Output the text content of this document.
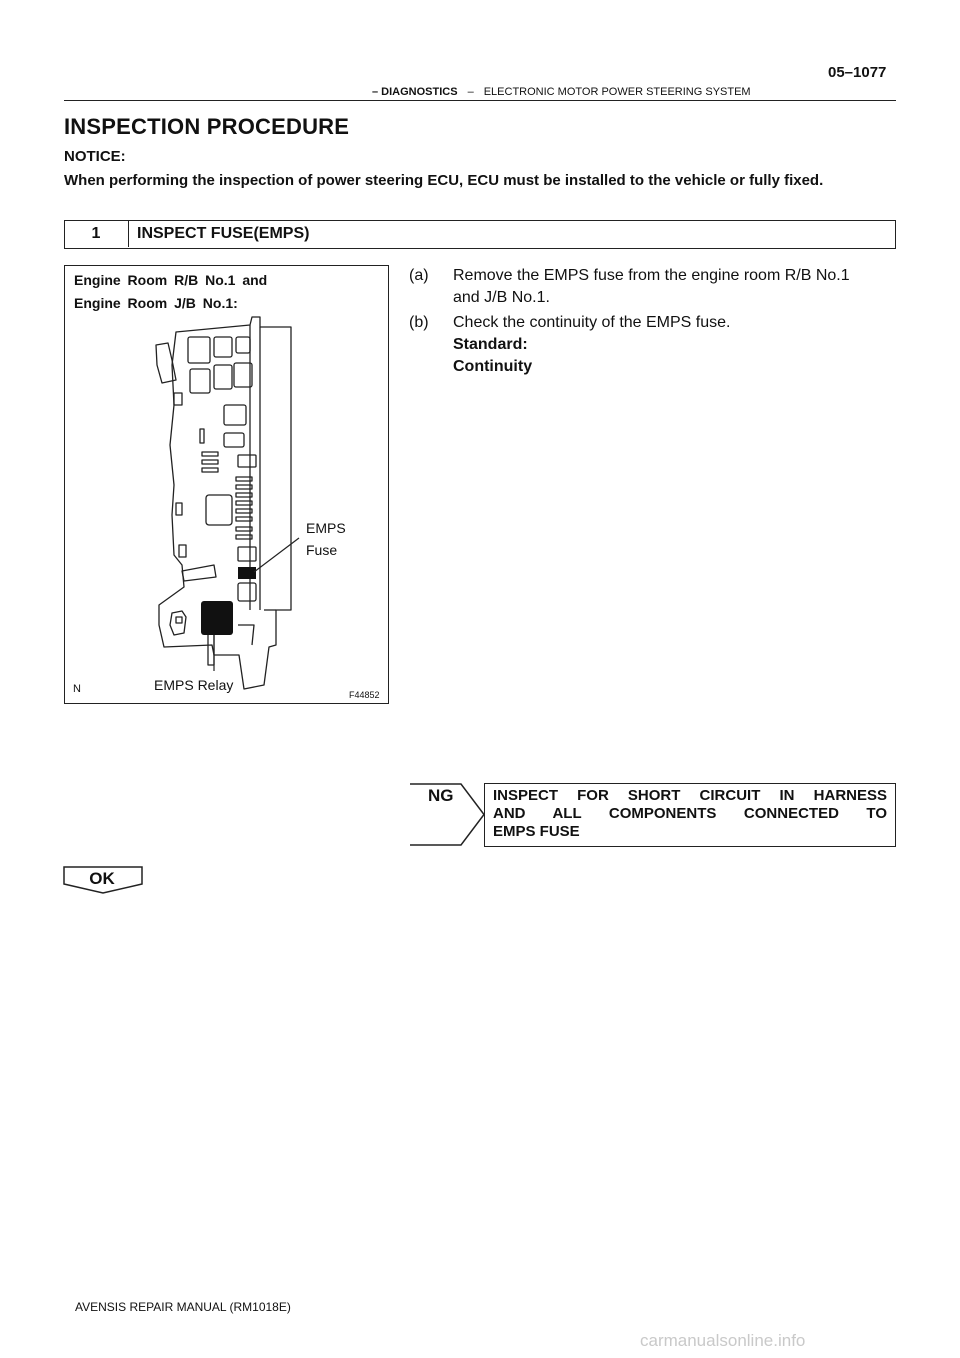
05–1077
– DIAGNOSTICS – ELECTRONIC MOTOR POWER STEERING SYSTEM
INSPECTION PROCEDURE
NOTICE:
When performing the inspection of power steering ECU, ECU must be installed to the vehicle or fully fixed.
1	INSPECT FUSE(EMPS)
Engine Room R/B No.1 and
Engine Room J/B No.1:
EMPS
Fuse
EMPS Relay
N	F44852
(a) Remove the EMPS fuse from the engine room R/B No.1
and J/B No.1.
(b) Check the continuity of the EMPS fuse.
Standard:
Continuity
NG	INSPECT FOR SHORT CIRCUIT IN HARNESS
AND ALL COMPONENTS CONNECTED TO
EMPS FUSE
OK
AVENSIS REPAIR MANUAL (RM1018E)
carmanualsonline.info
